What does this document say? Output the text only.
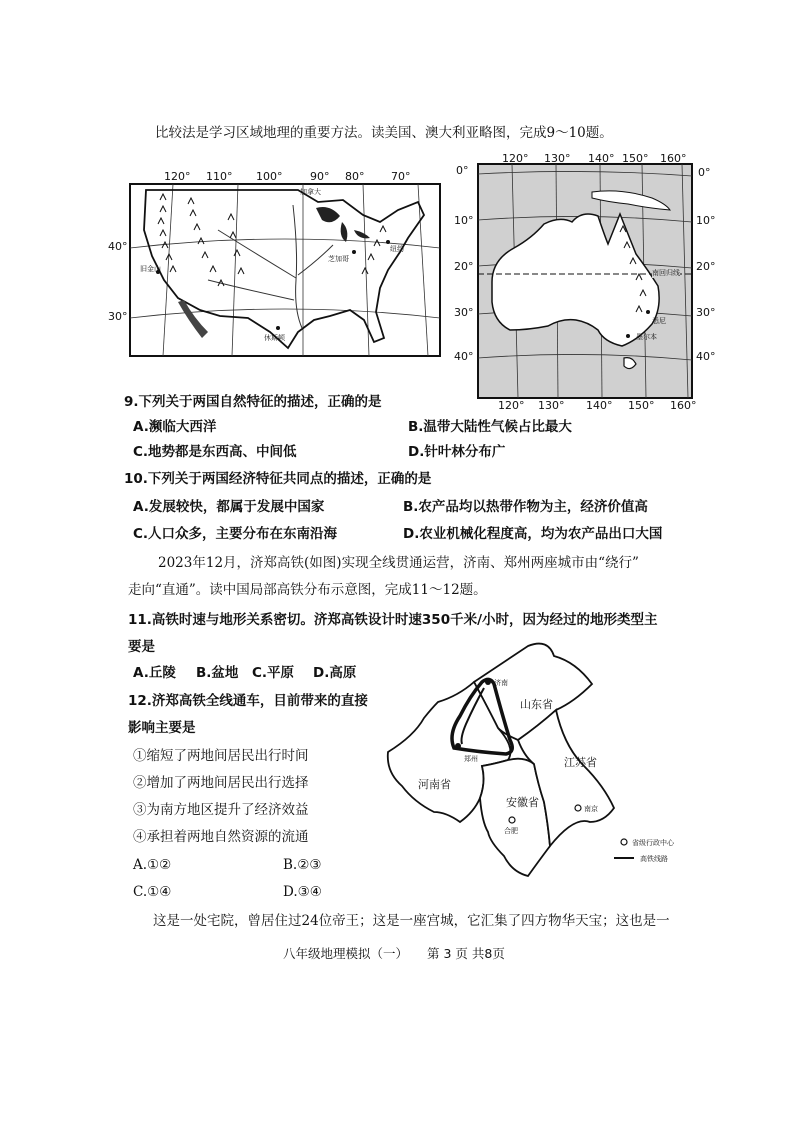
比较法是学习区域地理的重要方法。读美国、澳大利亚略图，完成9～10题。
120° 110° 100°	90° 80° 70°
40°
30°
加拿大
芝加哥
纽约
旧金山
休斯顿
120° 130° 140° 150° 160°
120° 130° 140° 150° 160°
0°
10°
20°
30°
40°
0°
10°
20°
30°
40°
南回归线
悉尼
墨尔本
9.下列关于两国自然特征的描述，正确的是
A.濒临大西洋	B.温带大陆性气候占比最大
C.地势都是东西高、中间低	D.针叶林分布广
10.下列关于两国经济特征共同点的描述，正确的是
A.发展较快，都属于发展中国家	B.农产品均以热带作物为主，经济价值高
C.人口众多，主要分布在东南沿海	D.农业机械化程度高，均为农产品出口大国
2023年12月，济郑高铁(如图)实现全线贯通运营，济南、郑州两座城市由“绕行”
走向“直通”。读中国局部高铁分布示意图，完成11～12题。
11.高铁时速与地形关系密切。济郑高铁设计时速350千米/小时，因为经过的地形类型主
要是
A.丘陵 B.盆地 C.平原 D.高原
12.济郑高铁全线通车，目前带来的直接
影响主要是
①缩短了两地间居民出行时间
②增加了两地间居民出行选择
③为南方地区提升了经济效益
④承担着两地自然资源的流通
A.①②	B.②③
C.①④	D.③④
山东省
河南省
江苏省
安徽省
济南
郑州
合肥
南京
省级行政中心
高铁线路
这是一处宅院，曾居住过24位帝王；这是一座宫城，它汇集了四方物华天宝；这也是一
八年级地理模拟（一） 第 3 页 共8页
